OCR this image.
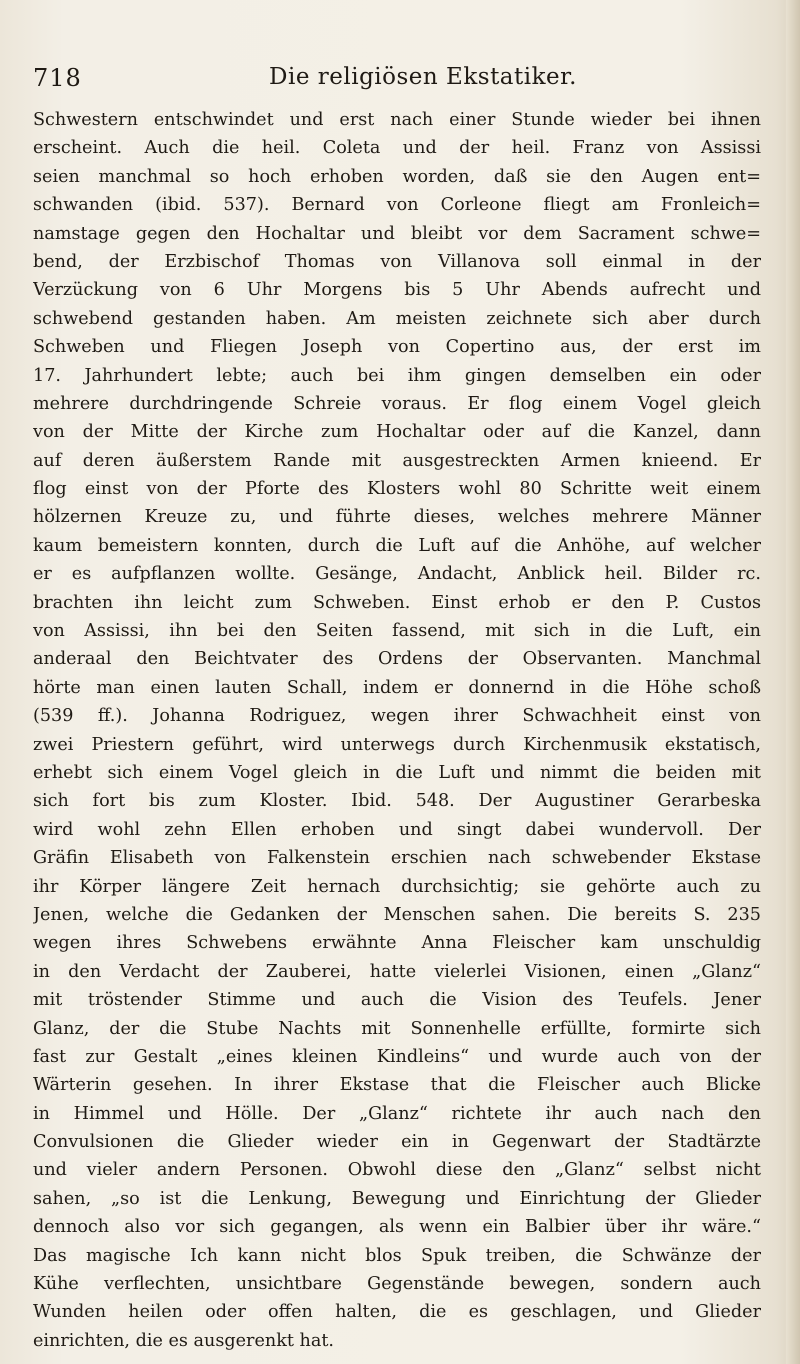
718	Die religiösen Ekstatiker.
Schwestern entschwindet und erst nach einer Stunde wieder bei ihnen
erscheint. Auch die heil. Coleta und der heil. Franz von Assissi
seien manchmal so hoch erhoben worden, daß sie den Augen ent=
schwanden (ibid. 537). Bernard von Corleone fliegt am Fronleich=
namstage gegen den Hochaltar und bleibt vor dem Sacrament schwe=
bend, der Erzbischof Thomas von Villanova soll einmal in der
Verzückung von 6 Uhr Morgens bis 5 Uhr Abends aufrecht und
schwebend gestanden haben. Am meisten zeichnete sich aber durch
Schweben und Fliegen Joseph von Copertino aus, der erst im
17. Jahrhundert lebte; auch bei ihm gingen demselben ein oder
mehrere durchdringende Schreie voraus. Er flog einem Vogel gleich
von der Mitte der Kirche zum Hochaltar oder auf die Kanzel, dann
auf deren äußerstem Rande mit ausgestreckten Armen knieend. Er
flog einst von der Pforte des Klosters wohl 80 Schritte weit einem
hölzernen Kreuze zu, und führte dieses, welches mehrere Männer
kaum bemeistern konnten, durch die Luft auf die Anhöhe, auf welcher
er es aufpflanzen wollte. Gesänge, Andacht, Anblick heil. Bilder rc.
brachten ihn leicht zum Schweben. Einst erhob er den P. Custos
von Assissi, ihn bei den Seiten fassend, mit sich in die Luft, ein
anderaal den Beichtvater des Ordens der Observanten. Manchmal
hörte man einen lauten Schall, indem er donnernd in die Höhe schoß
(539 ff.). Johanna Rodriguez, wegen ihrer Schwachheit einst von
zwei Priestern geführt, wird unterwegs durch Kirchenmusik ekstatisch,
erhebt sich einem Vogel gleich in die Luft und nimmt die beiden mit
sich fort bis zum Kloster. Ibid. 548. Der Augustiner Gerarbeska
wird wohl zehn Ellen erhoben und singt dabei wundervoll. Der
Gräfin Elisabeth von Falkenstein erschien nach schwebender Ekstase
ihr Körper längere Zeit hernach durchsichtig; sie gehörte auch zu
Jenen, welche die Gedanken der Menschen sahen. Die bereits S. 235
wegen ihres Schwebens erwähnte Anna Fleischer kam unschuldig
in den Verdacht der Zauberei, hatte vielerlei Visionen, einen „Glanz“
mit tröstender Stimme und auch die Vision des Teufels. Jener
Glanz, der die Stube Nachts mit Sonnenhelle erfüllte, formirte sich
fast zur Gestalt „eines kleinen Kindleins“ und wurde auch von der
Wärterin gesehen. In ihrer Ekstase that die Fleischer auch Blicke
in Himmel und Hölle. Der „Glanz“ richtete ihr auch nach den
Convulsionen die Glieder wieder ein in Gegenwart der Stadtärzte
und vieler andern Personen. Obwohl diese den „Glanz“ selbst nicht
sahen, „so ist die Lenkung, Bewegung und Einrichtung der Glieder
dennoch also vor sich gegangen, als wenn ein Balbier über ihr wäre.“
Das magische Ich kann nicht blos Spuk treiben, die Schwänze der
Kühe verflechten, unsichtbare Gegenstände bewegen, sondern auch
Wunden heilen oder offen halten, die es geschlagen, und Glieder
einrichten, die es ausgerenkt hat.
